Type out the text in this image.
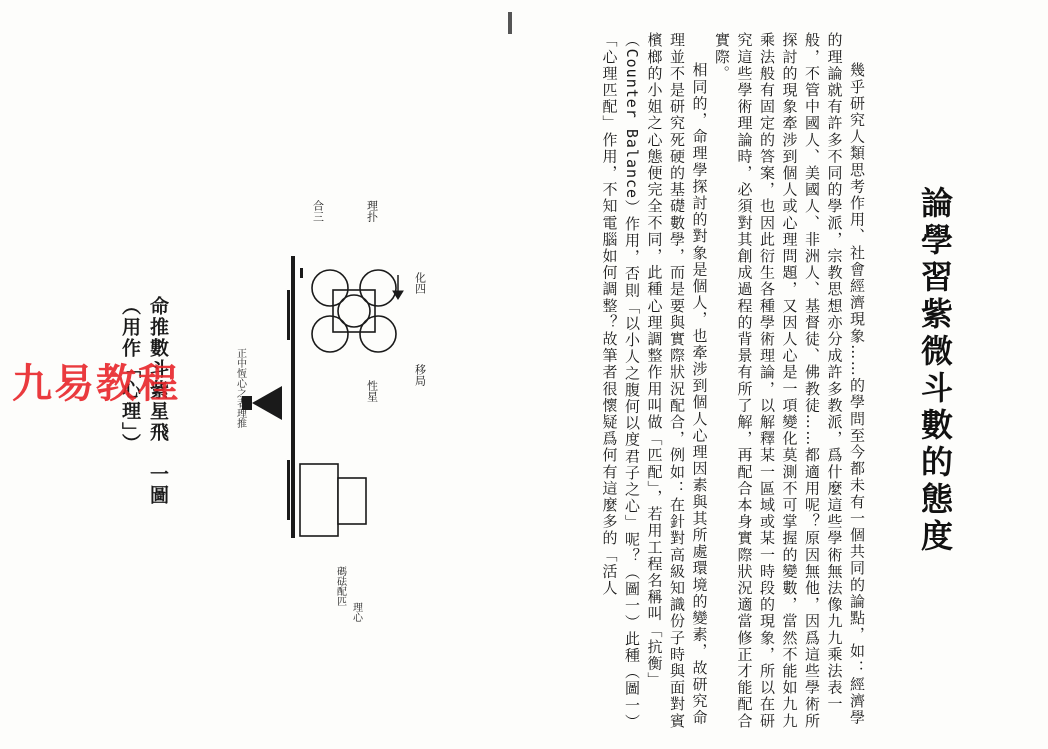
論學習紫微斗數的態度

幾乎研究人類思考作用、社會經濟現象……的學問至今都未有一個共同的論點，如：經濟學的理論就有許多不同的學派，宗教思想亦分成許多教派，爲什麼這些學術無法像九九乘法表一般，不管中國人、美國人、非洲人、基督徒、佛教徒……都適用呢？原因無他，因爲這些學術所探討的現象牽涉到個人或心理問題，又因人心是一項變化莫測不可掌握的變數，當然不能如九九乘法般有固定的答案，也因此衍生各種學術理論，以解釋某一區域或某一時段的現象，所以在研究這些學術理論時，必須對其創成過程的背景有所了解，再配合本身實際狀況適當修正才能配合實際。

相同的，命理學探討的對象是個人，也牽涉到個人心理因素與其所處環境的變素，故研究命理並不是研究死硬的基礎數學，而是要與實際狀況配合，例如：在針對高級知識份子時與面對賓檳榔的小姐之心態便完全不同，此種心理調整作用叫做「匹配」，若用工程名稱叫「抗衡」（Counter Balance）作用，否則「以小人之腹何以度君子之心」呢？（圖一）此種（圖一）「心理匹配」作用，不知電腦如何調整？故筆者很懷疑爲何有這麼多的「活人

化四
移局
理扑
合三
性星
正中恆心之者理推
理心
碼砝配匹
命推數斗紫星飛　一圖
（用作「心理」）
九易教程
